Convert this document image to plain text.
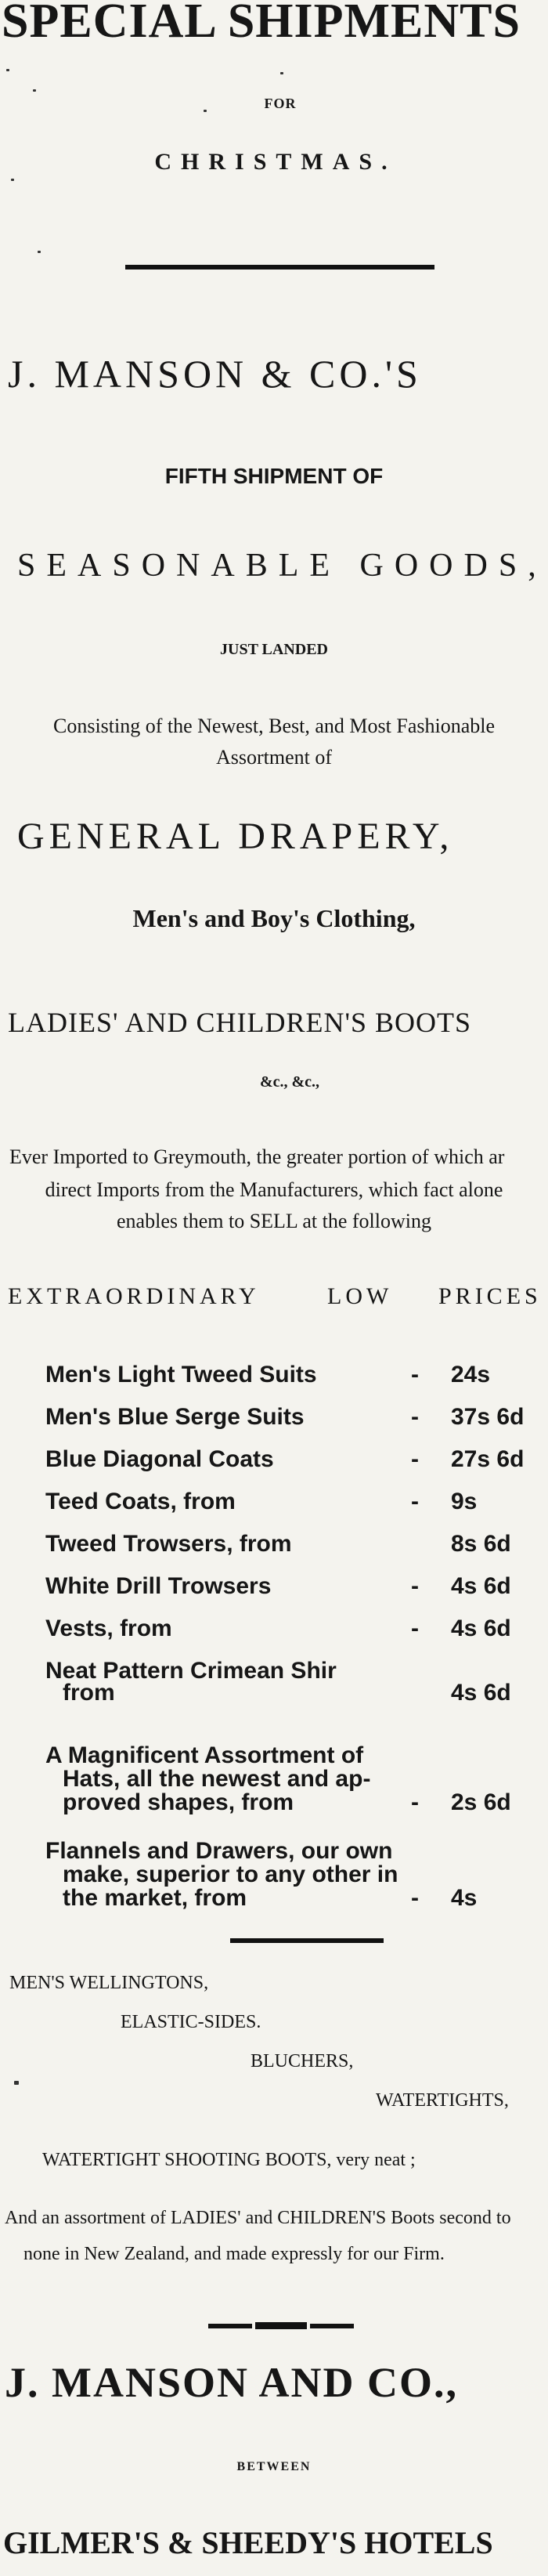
SPECIAL SHIPMENTS
FOR
CHRISTMAS.
J. MANSON & CO.'S
FIFTH SHIPMENT OF
SEASONABLE GOODS,
JUST LANDED
Consisting of the Newest, Best, and Most Fashionable
Assortment of
GENERAL DRAPERY,
Men's and Boy's Clothing,
LADIES' AND CHILDREN'S BOOTS
&c., &c.,
Ever Imported to Greymouth, the greater portion of which ar
direct Imports from the Manufacturers, which fact alone
enables them to SELL at the following
EXTRAORDINARY	LOW PRICES
Men's Light Tweed Suits	- 24s
Men's Blue Serge Suits	- 37s 6d
Blue Diagonal Coats	- 27s 6d
Teed Coats, from	- 9s
Tweed Trowsers, from	8s 6d
White Drill Trowsers	- 4s 6d
Vests, from	- 4s 6d
Neat Pattern Crimean Shir
from	4s 6d
A Magnificent Assortment of
Hats, all the newest and ap-
proved shapes, from	- 2s 6d
Flannels and Drawers, our own
make, superior to any other in
the market, from	- 4s
MEN'S WELLINGTONS,
ELASTIC-SIDES.
BLUCHERS,
WATERTIGHTS,
WATERTIGHT SHOOTING BOOTS, very neat ;
And an assortment of LADIES' and CHILDREN'S Boots second to
none in New Zealand, and made expressly for our Firm.
J. MANSON AND CO.,
BETWEEN
GILMER'S & SHEEDY'S HOTELS
